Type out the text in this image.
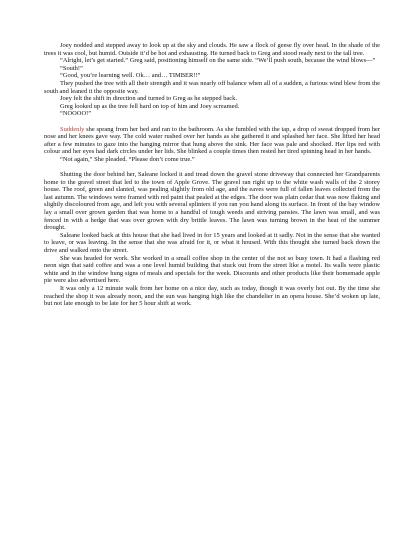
Joey nodded and stepped away to look up at the sky and clouds. He saw a flock of geese fly over head. In the shade of the trees it was cool, but humid. Outside it’d be hot and exhausting. He turned back to Greg and stood ready next to the tall tree.

“Alright, let’s get started.” Greg said, positioning himself on the same side. “We’ll push south, because the wind blows—”

“South!”

“Good, you’re learning well. Ok… and… TIMBER!!”

They pushed the tree with all their strength and it was nearly off balance when all of a sudden, a furious wind blew from the south and leaned it the opposite way.

Joey felt the shift in direction and turned to Greg as he stepped back.

Greg looked up as the tree fell hard on top of him and Joey screamed.

“NOOOO!”

Suddenly she sprang from her bed and ran to the bathroom. As she fumbled with the tap, a drop of sweat dropped from her nose and her knees gave way. The cold water rushed over her hands as she gathered it and splashed her face. She lifted her head after a few minutes to gaze into the hanging mirror that hung above the sink. Her face was pale and shocked. Her lips red with colour and her eyes had dark circles under her lids. She blinked a couple times then rested her tired spinning head in her hands.

“Not again,” She pleaded. “Please don’t come true.”

Shutting the door behind her, Saleane locked it and tread down the gravel stone driveway that connected her Grandparents home to the gravel street that led to the town of Apple Grove. The gravel ran right up to the white wash walls of the 2 storey house. The roof, green and slanted, was pealing slightly from old age, and the eaves were full of fallen leaves collected from the last autumn. The windows were framed with red paint that pealed at the edges. The door was plain cedar that was now flaking and slightly discoloured from age, and left you with several splinters if you ran you hand along its surface. In front of the bay window lay a small over grown garden that was home to a handful of tough weeds and striving pansies. The lawn was small, and was fenced in with a hedge that was over grown with dry brittle leaves. The lawn was turning brown in the heat of the summer drought.

Saleane looked back at this house that she had lived in for 15 years and looked at it sadly. Not in the sense that she wanted to leave, or was leaving. In the sense that she was afraid for it, or what it housed. With this thought she turned back down the drive and walked onto the street.

She was headed for work. She worked in a small coffee shop in the center of the not so busy town. It had a flashing red neon sign that said coffee and was a one level humid building that stuck out from the street like a motel. Its walls were plastic white and in the window hung signs of meals and specials for the week. Discounts and other products like their homemade apple pie were also advertised here.

It was only a 12 minute walk from her home on a nice day, such as today, though it was overly hot out. By the time she reached the shop it was already noon, and the sun was hanging high like the chandelier in an opera house. She’d woken up late, but not late enough to be late for her 5 hour shift at work.
